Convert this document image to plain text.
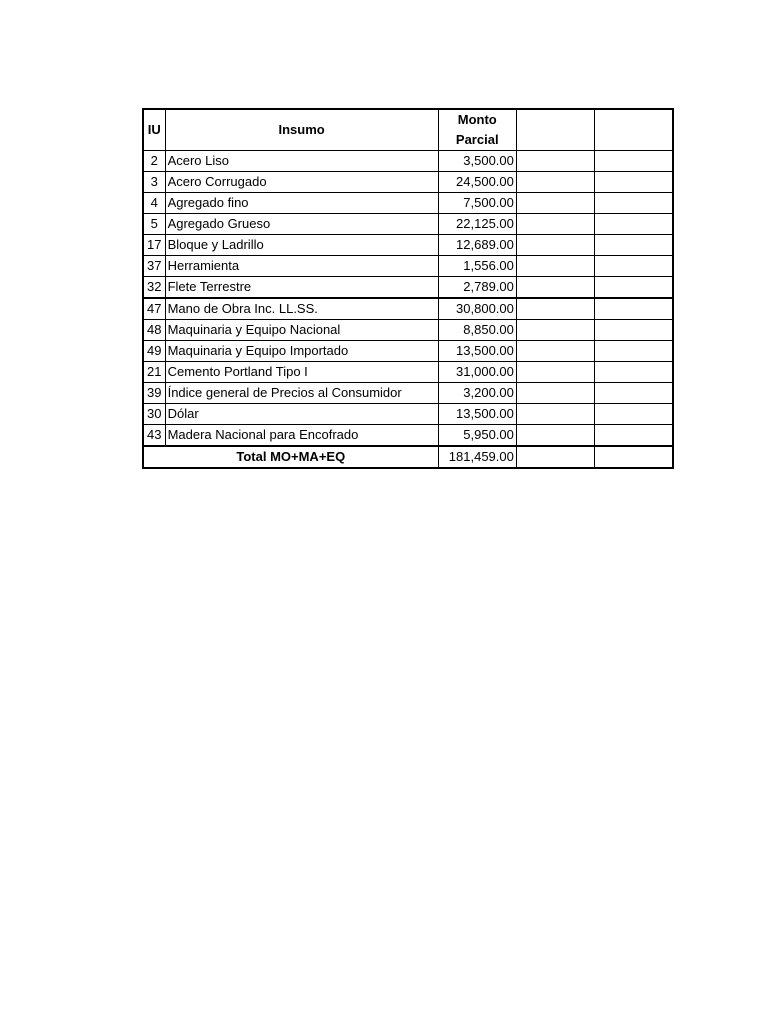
IU	Insumo	Monto
Parcial		

2	Acero Liso	3,500.00		
3	Acero Corrugado	24,500.00		
4	Agregado fino	7,500.00		
5	Agregado Grueso	22,125.00		
17	Bloque y Ladrillo	12,689.00		
37	Herramienta	1,556.00		
32	Flete Terrestre	2,789.00		
47	Mano de Obra Inc. LL.SS.	30,800.00		
48	Maquinaria y Equipo Nacional	8,850.00		
49	Maquinaria y Equipo Importado	13,500.00		
21	Cemento Portland Tipo I	31,000.00		
39	Índice general de Precios al Consumidor	3,200.00		
30	Dólar	13,500.00		
43	Madera Nacional para Encofrado	5,950.00		
Total MO+MA+EQ		181,459.00		
